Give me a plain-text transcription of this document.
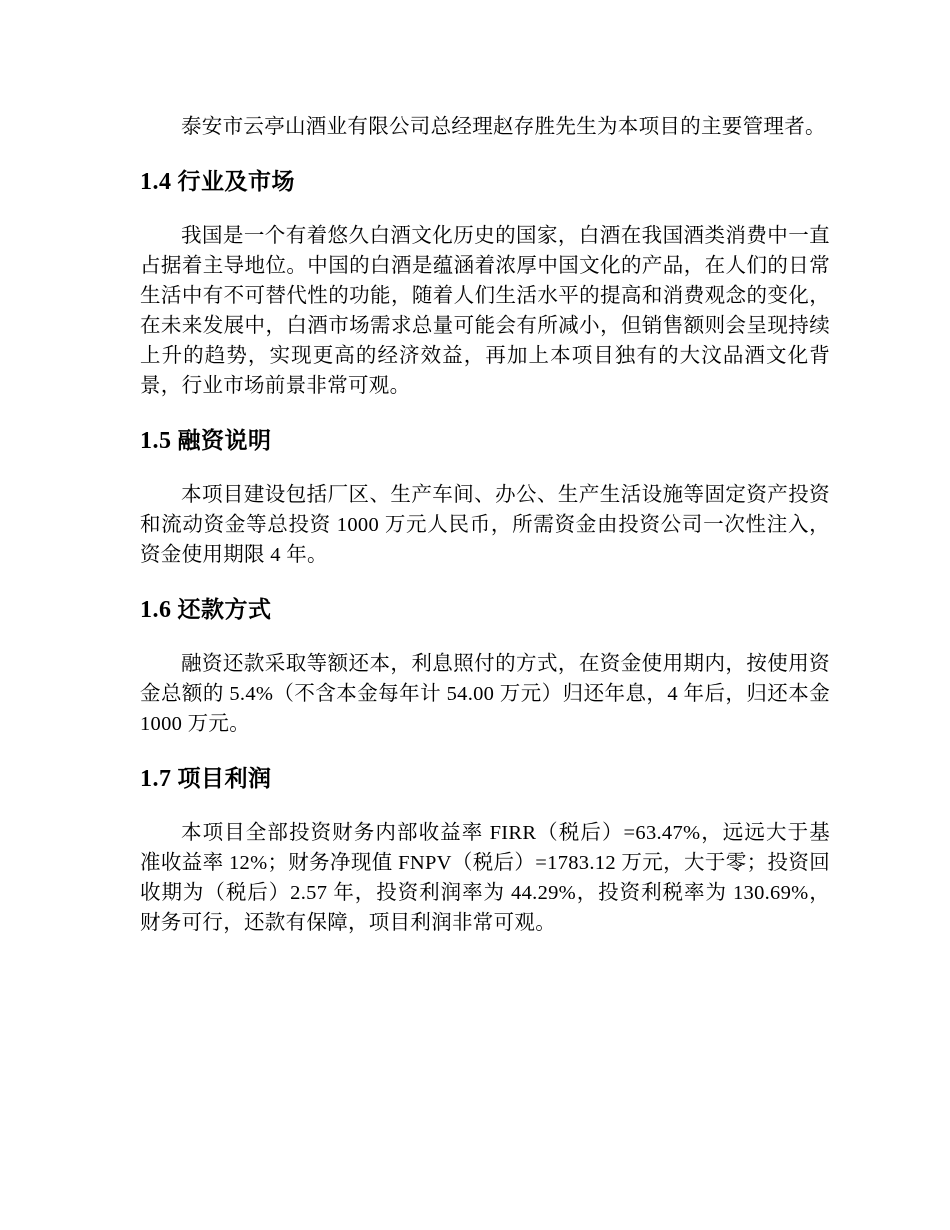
泰安市云亭山酒业有限公司总经理赵存胜先生为本项目的主要管理者。

1.4 行业及市场

我国是一个有着悠久白酒文化历史的国家，白酒在我国酒类消费中一直占据着主导地位。中国的白酒是蕴涵着浓厚中国文化的产品，在人们的日常生活中有不可替代性的功能，随着人们生活水平的提高和消费观念的变化，在未来发展中，白酒市场需求总量可能会有所减小，但销售额则会呈现持续上升的趋势，实现更高的经济效益，再加上本项目独有的大汶品酒文化背景，行业市场前景非常可观。

1.5 融资说明

本项目建设包括厂区、生产车间、办公、生产生活设施等固定资产投资和流动资金等总投资 1000 万元人民币，所需资金由投资公司一次性注入，资金使用期限 4 年。

1.6 还款方式

融资还款采取等额还本，利息照付的方式，在资金使用期内，按使用资金总额的 5.4%（不含本金每年计 54.00 万元）归还年息，4 年后，归还本金 1000 万元。

1.7 项目利润

本项目全部投资财务内部收益率 FIRR（税后）=63.47%，远远大于基准收益率 12%；财务净现值 FNPV（税后）=1783.12 万元，大于零；投资回收期为（税后）2.57 年，投资利润率为 44.29%，投资利税率为 130.69%，财务可行，还款有保障，项目利润非常可观。
